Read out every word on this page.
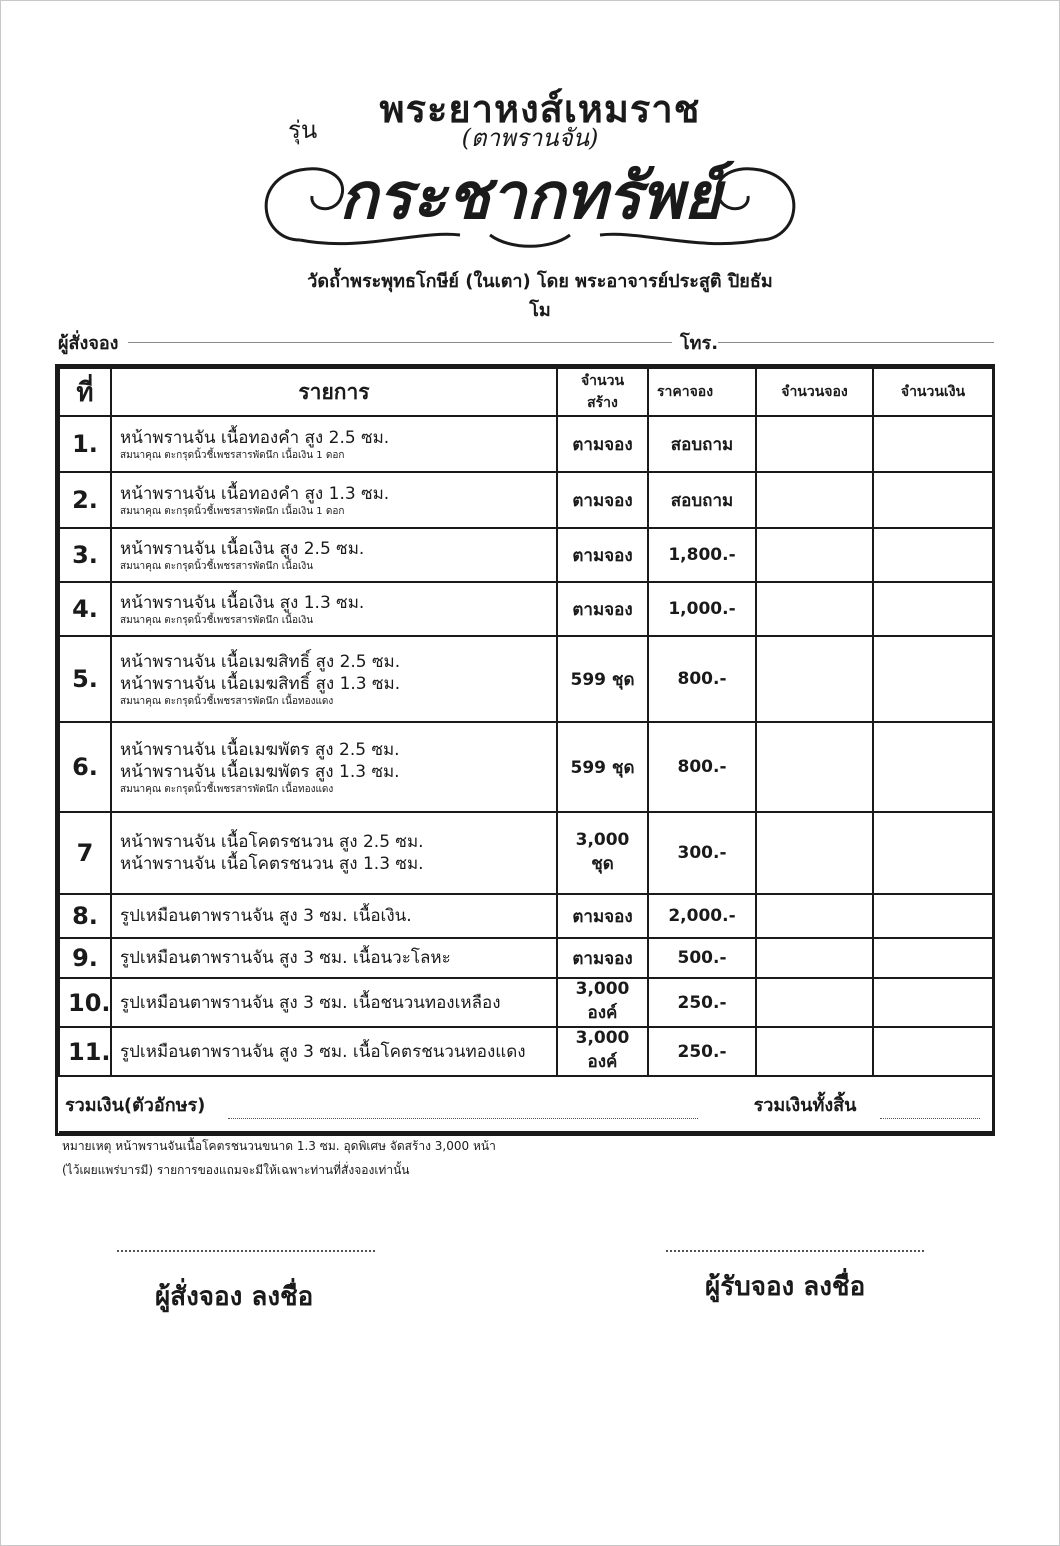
พระยาหงส์เหมราช
รุ่น	(ตาพรานจัน)
กระชากทรัพย์
วัดถ้ำพระพุทธโกษีย์ (ในเตา) โดย พระอาจารย์ประสูติ ปิยธัมโม
ผู้สั่งจอง	โทร.
ที่	รายการ	จำนวนสร้าง	ราคาจอง	จำนวนจอง	จำนวนเงิน
1.	หน้าพรานจัน เนื้อทองคำ สูง 2.5 ซม.
สมนาคุณ ตะกรุดนิ้วชี้เพชรสารพัดนึก เนื้อเงิน 1 ดอก	ตามจอง	สอบถาม		
2.	หน้าพรานจัน เนื้อทองคำ สูง 1.3 ซม.
สมนาคุณ ตะกรุดนิ้วชี้เพชรสารพัดนึก เนื้อเงิน 1 ดอก	ตามจอง	สอบถาม		
3.	หน้าพรานจัน เนื้อเงิน สูง 2.5 ซม.
สมนาคุณ ตะกรุดนิ้วชี้เพชรสารพัดนึก เนื้อเงิน	ตามจอง	1,800.-		
4.	หน้าพรานจัน เนื้อเงิน สูง 1.3 ซม.
สมนาคุณ ตะกรุดนิ้วชี้เพชรสารพัดนึก เนื้อเงิน	ตามจอง	1,000.-		
5.	หน้าพรานจัน เนื้อเมฆสิทธิ์ สูง 2.5 ซม.
หน้าพรานจัน เนื้อเมฆสิทธิ์ สูง 1.3 ซม.
สมนาคุณ ตะกรุดนิ้วชี้เพชรสารพัดนึก เนื้อทองแดง	599 ชุด	800.-		
6.	หน้าพรานจัน เนื้อเมฆพัตร สูง 2.5 ซม.
หน้าพรานจัน เนื้อเมฆพัตร สูง 1.3 ซม.
สมนาคุณ ตะกรุดนิ้วชี้เพชรสารพัดนึก เนื้อทองแดง	599 ชุด	800.-		
7	หน้าพรานจัน เนื้อโคตรชนวน สูง 2.5 ซม.
หน้าพรานจัน เนื้อโคตรชนวน สูง 1.3 ซม.	3,000 ชุด	300.-		
8.	รูปเหมือนตาพรานจัน สูง 3 ซม. เนื้อเงิน.	ตามจอง	2,000.-		
9.	รูปเหมือนตาพรานจัน สูง 3 ซม. เนื้อนวะโลหะ	ตามจอง	500.-		
10.	รูปเหมือนตาพรานจัน สูง 3 ซม. เนื้อชนวนทองเหลือง	3,000 องค์	250.-		
11.	รูปเหมือนตาพรานจัน สูง 3 ซม. เนื้อโคตรชนวนทองแดง	3,000 องค์	250.-		
รวมเงิน(ตัวอักษร) รวมเงินทั้งสิ้น					
หมายเหตุ หน้าพรานจันเนื้อโคตรชนวนขนาด 1.3 ซม. อุดพิเศษ จัดสร้าง 3,000 หน้า
(ไว้เผยแพร่บารมี) รายการของแถมจะมีให้เฉพาะท่านที่สั่งจองเท่านั้น
ผู้สั่งจอง ลงชื่อ	ผู้รับจอง ลงชื่อ
